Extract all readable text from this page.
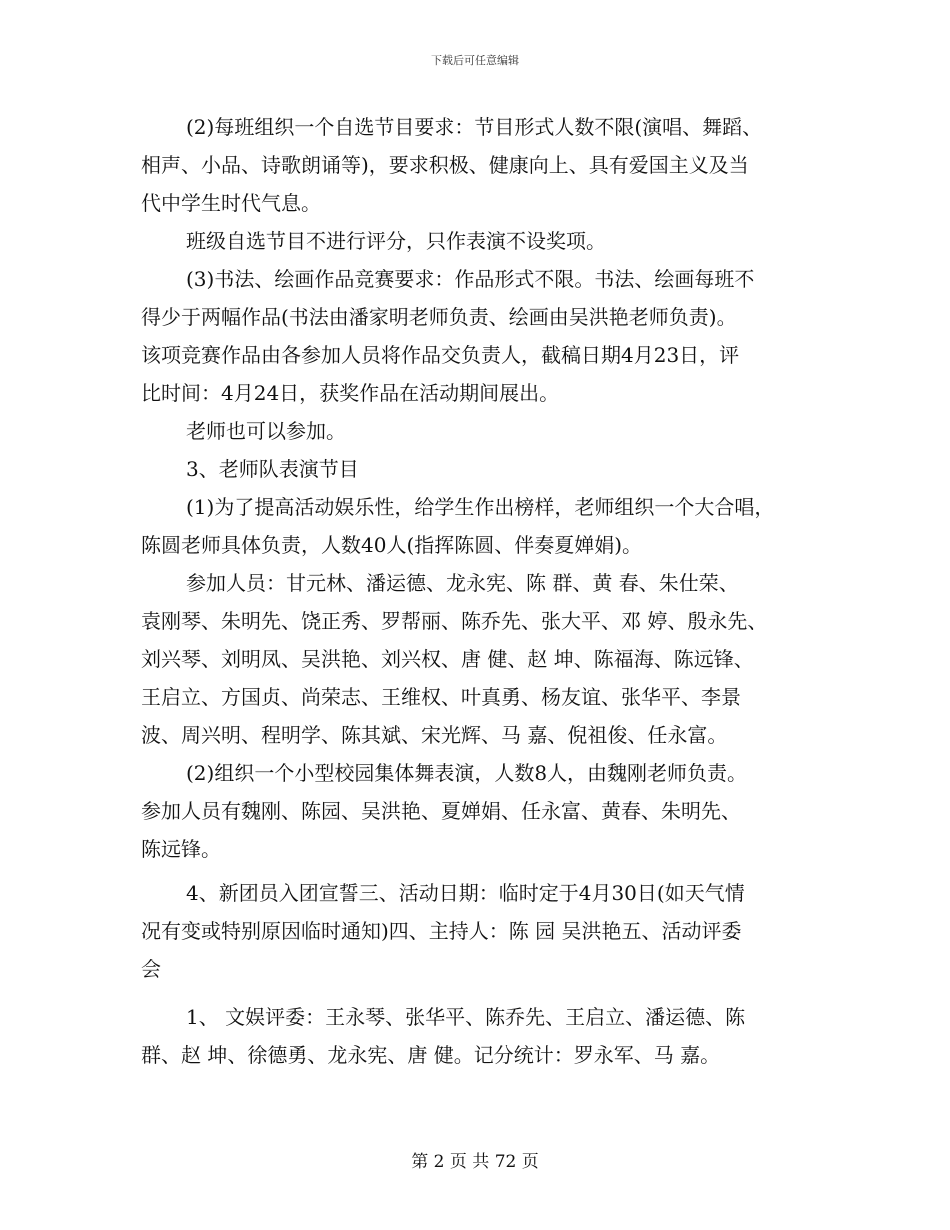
下载后可任意编辑

(2)每班组织一个自选节目要求：节目形式人数不限(演唱、舞蹈、

相声、小品、诗歌朗诵等)，要求积极、健康向上、具有爱国主义及当

代中学生时代气息。

班级自选节目不进行评分，只作表演不设奖项。

(3)书法、绘画作品竞赛要求：作品形式不限。书法、绘画每班不

得少于两幅作品(书法由潘家明老师负责、绘画由吴洪艳老师负责)。

该项竞赛作品由各参加人员将作品交负责人，截稿日期4月23日，评

比时间：4月24日，获奖作品在活动期间展出。

老师也可以参加。

3、老师队表演节目

(1)为了提高活动娱乐性，给学生作出榜样，老师组织一个大合唱，

陈圆老师具体负责，人数40人(指挥陈圆、伴奏夏婵娟)。

参加人员：甘元林、潘运德、龙永宪、陈 群、黄 春、朱仕荣、

袁刚琴、朱明先、饶正秀、罗帮丽、陈乔先、张大平、邓 婷、殷永先、

刘兴琴、刘明凤、吴洪艳、刘兴权、唐 健、赵 坤、陈福海、陈远锋、

王启立、方国贞、尚荣志、王维权、叶真勇、杨友谊、张华平、李景

波、周兴明、程明学、陈其斌、宋光辉、马 嘉、倪祖俊、任永富。

(2)组织一个小型校园集体舞表演，人数8人，由魏刚老师负责。

参加人员有魏刚、陈园、吴洪艳、夏婵娟、任永富、黄春、朱明先、

陈远锋。

4、新团员入团宣誓三、活动日期：临时定于4月30日(如天气情

况有变或特别原因临时通知)四、主持人：陈 园 吴洪艳五、活动评委

会

1、 文娱评委：王永琴、张华平、陈乔先、王启立、潘运德、陈

群、赵 坤、徐德勇、龙永宪、唐 健。记分统计：罗永军、马 嘉。

第 2 页 共 72 页
